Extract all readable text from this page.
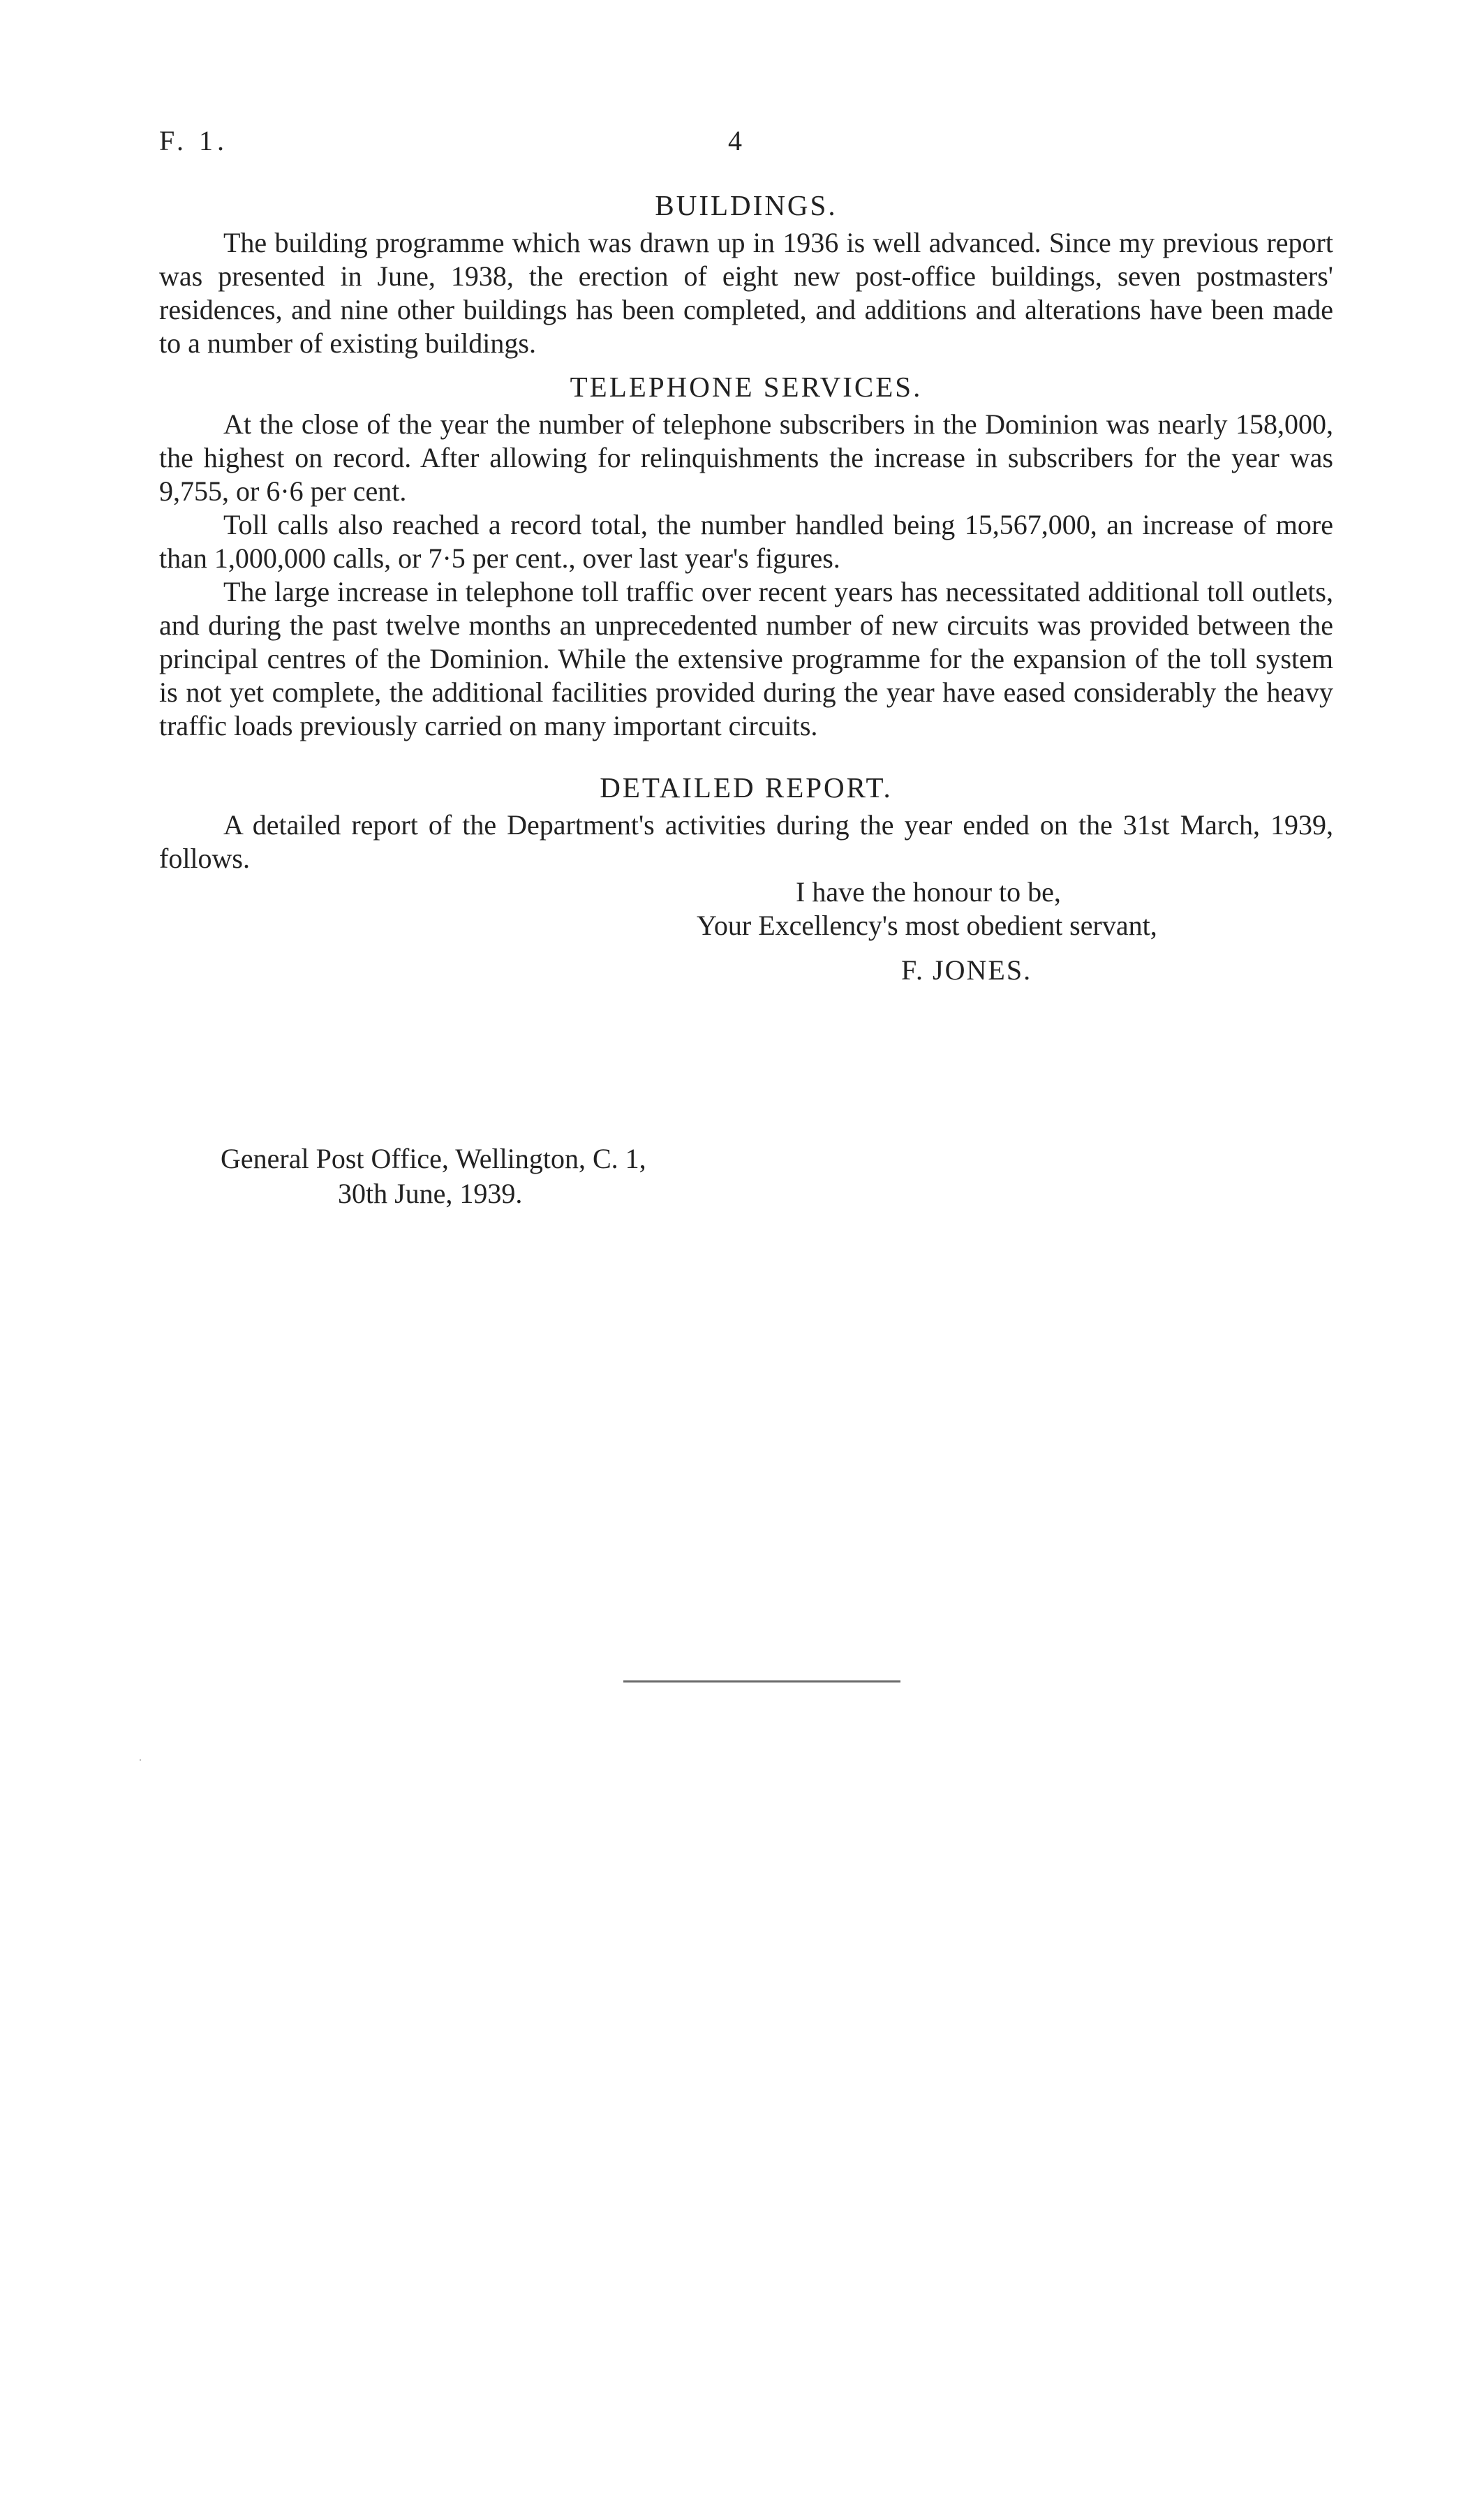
F. 1.	4
BUILDINGS.

The building programme which was drawn up in 1936 is well advanced. Since my previous report was presented in June, 1938, the erection of eight new post-office buildings, seven postmasters' residences, and nine other buildings has been completed, and additions and alterations have been made to a number of existing buildings.

TELEPHONE SERVICES.

At the close of the year the number of telephone subscribers in the Dominion was nearly 158,000, the highest on record. After allowing for relinquishments the increase in subscribers for the year was 9,755, or 6·6 per cent.

Toll calls also reached a record total, the number handled being 15,567,000, an increase of more than 1,000,000 calls, or 7·5 per cent., over last year's figures.

The large increase in telephone toll traffic over recent years has necessitated additional toll outlets, and during the past twelve months an unprecedented number of new circuits was provided between the principal centres of the Dominion. While the extensive programme for the expansion of the toll system is not yet complete, the additional facilities provided during the year have eased considerably the heavy traffic loads previously carried on many important circuits.

DETAILED REPORT.

A detailed report of the Department's activities during the year ended on the 31st March, 1939, follows.

I have the honour to be,
Your Excellency's most obedient servant,
F. JONES.
General Post Office, Wellington, C. 1,
30th June, 1939.
